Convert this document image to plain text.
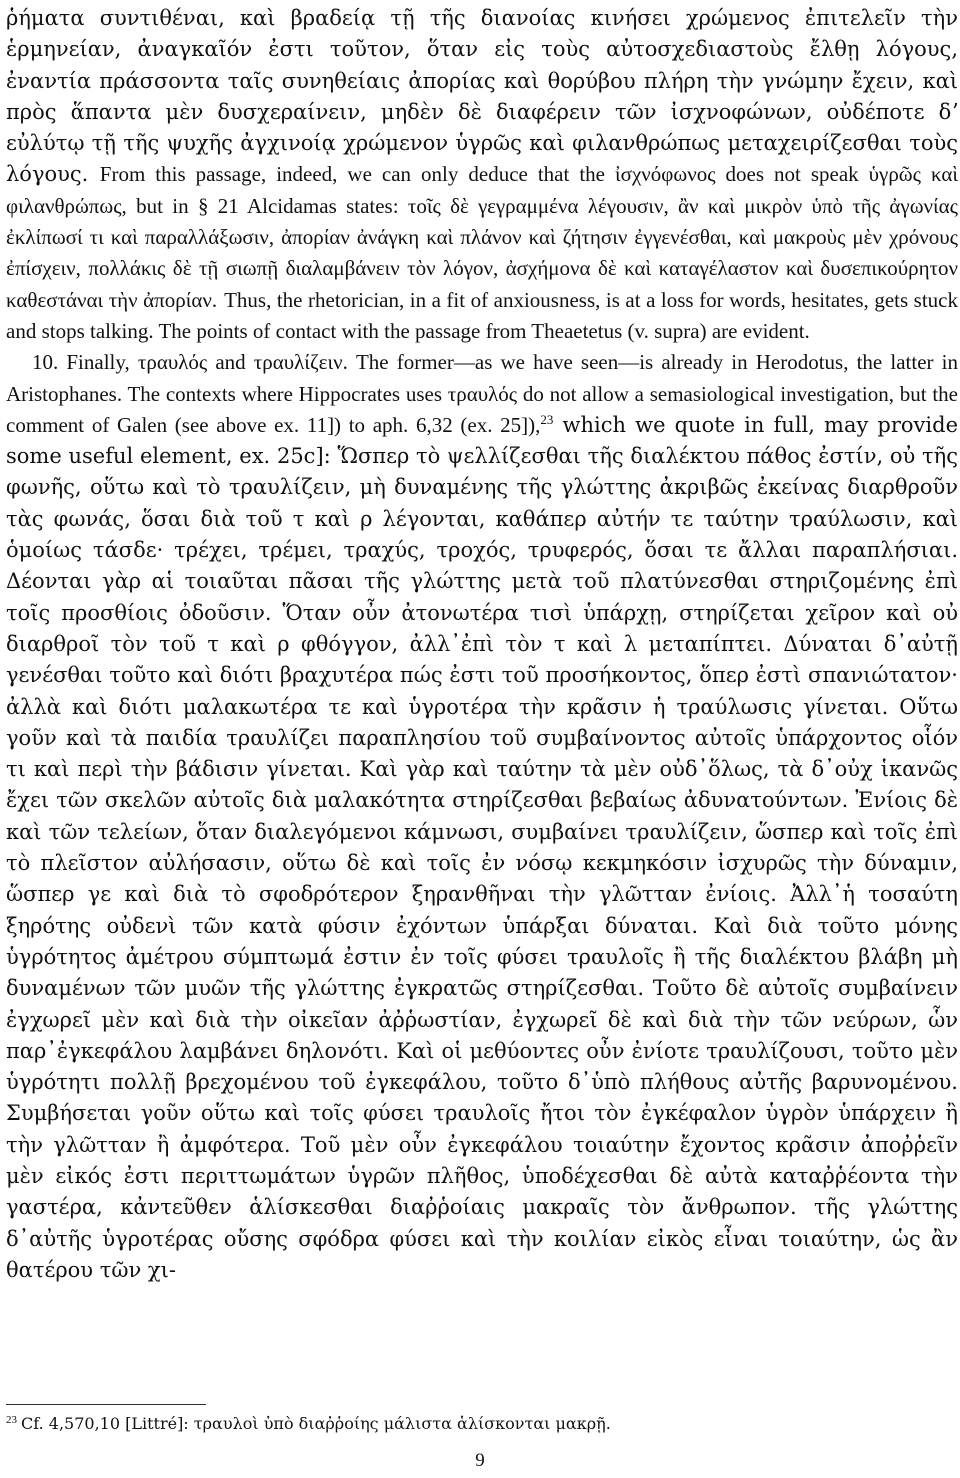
ῥήματα συντιθέναι, καὶ βραδείᾳ τῇ τῆς διανοίας κινήσει χρώμενος ἐπιτελεῖν τὴν ἑρμηνείαν, ἀναγκαῖόν ἐστι τοῦτον, ὅταν εἰς τοὺς αὐτοσχεδιαστοὺς ἔλθῃ λόγους, ἐναντία πράσσοντα ταῖς συνηθείαις ἀπορίας καὶ θορύβου πλήρη τὴν γνώμην ἔχειν, καὶ πρὸς ἅπαντα μὲν δυσχεραίνειν, μηδὲν δὲ διαφέρειν τῶν ἰσχνοφώνων, οὐδέποτε δʼ εὐλύτῳ τῇ τῆς ψυχῆς ἀγχινοίᾳ χρώμενον ὑγρῶς καὶ φιλανθρώπως μεταχειρίζεσθαι τοὺς λόγους. From this passage, indeed, we can only deduce that the ἰσχνόφωνος does not speak ὑγρῶς καὶ φιλανθρώπως, but in § 21 Alcidamas states: τοῖς δὲ γεγραμμένα λέγουσιν, ἂν καὶ μικρὸν ὑπὸ τῆς ἀγωνίας ἐκλίπωσί τι καὶ παραλλάξωσιν, ἀπορίαν ἀνάγκη καὶ πλάνον καὶ ζήτησιν ἐγγενέσθαι, καὶ μακροὺς μὲν χρόνους ἐπίσχειν, πολλάκις δὲ τῇ σιωπῇ διαλαμβάνειν τὸν λόγον, ἀσχήμονα δὲ καὶ καταγέλαστον καὶ δυσεπικούρητον καθεστάναι τὴν ἀπορίαν. Thus, the rhetorician, in a fit of anxiousness, is at a loss for words, hesitates, gets stuck and stops talking. The points of contact with the passage from Theaetetus (v. supra) are evident.

10. Finally, τραυλός and τραυλίζειν. The former—as we have seen—is already in Herodotus, the latter in Aristophanes. The contexts where Hippocrates uses τραυλός do not allow a semasiological investigation, but the comment of Galen (see above ex. 11]) to aph. 6,32 (ex. 25]),$^{23}$ which we quote in full, may provide some useful element, ex. 25c]: Ὥσπερ τὸ ψελλίζεσθαι τῆς διαλέκτου πάθος ἐστίν, οὐ τῆς φωνῆς, οὕτω καὶ τὸ τραυλίζειν, μὴ δυναμένης τῆς γλώττης ἀκριβῶς ἐκείνας διαρθροῦν τὰς φωνάς, ὅσαι διὰ τοῦ τ καὶ ρ λέγονται, καθάπερ αὐτήν τε ταύτην τραύλωσιν, καὶ ὁμοίως τάσδε· τρέχει, τρέμει, τραχύς, τροχός, τρυφερός, ὅσαι τε ἄλλαι παραπλήσιαι. Δέονται γὰρ αἱ τοιαῦται πᾶσαι τῆς γλώττης μετὰ τοῦ πλατύνεσθαι στηριζομένης ἐπὶ τοῖς προσθίοις ὀδοῦσιν. Ὅταν οὖν ἀτονωτέρα τισὶ ὑπάρχῃ, στηρίζεται χεῖρον καὶ οὐ διαρθροῖ τὸν τοῦ τ καὶ ρ φθόγγον, ἀλλ᾽ἐπὶ τὸν τ καὶ λ μεταπίπτει. Δύναται δ᾽αὐτῇ γενέσθαι τοῦτο καὶ διότι βραχυτέρα πώς ἐστι τοῦ προσήκοντος, ὅπερ ἐστὶ σπανιώτατον· ἀλλὰ καὶ διότι μαλακωτέρα τε καὶ ὑγροτέρα τὴν κρᾶσιν ἡ τραύλωσις γίνεται. Οὕτω γοῦν καὶ τὰ παιδία τραυλίζει παραπλησίου τοῦ συμβαίνοντος αὐτοῖς ὑπάρχοντος οἷόν τι καὶ περὶ τὴν βάδισιν γίνεται. Καὶ γὰρ καὶ ταύτην τὰ μὲν οὐδ᾽ὅλως, τὰ δ᾽οὐχ ἱκανῶς ἔχει τῶν σκελῶν αὐτοῖς διὰ μαλακότητα στηρίζεσθαι βεβαίως ἀδυνατούντων. Ἐνίοις δὲ καὶ τῶν τελείων, ὅταν διαλεγόμενοι κάμνωσι, συμβαίνει τραυλίζειν, ὥσπερ καὶ τοῖς ἐπὶ τὸ πλεῖστον αὐλήσασιν, οὕτω δὲ καὶ τοῖς ἐν νόσῳ κεκμηκόσιν ἰσχυρῶς τὴν δύναμιν, ὥσπερ γε καὶ διὰ τὸ σφοδρότερον ξηρανθῆναι τὴν γλῶτταν ἐνίοις. Ἀλλ᾽ἡ τοσαύτη ξηρότης οὐδενὶ τῶν κατὰ φύσιν ἐχόντων ὑπάρξαι δύναται. Καὶ διὰ τοῦτο μόνης ὑγρότητος ἀμέτρου σύμπτωμά ἐστιν ἐν τοῖς φύσει τραυλοῖς ἢ τῆς διαλέκτου βλάβη μὴ δυναμένων τῶν μυῶν τῆς γλώττης ἐγκρατῶς στηρίζεσθαι. Τοῦτο δὲ αὐτοῖς συμβαίνειν ἐγχωρεῖ μὲν καὶ διὰ τὴν οἰκεῖαν ἀῤῥωστίαν, ἐγχωρεῖ δὲ καὶ διὰ τὴν τῶν νεύρων, ὧν παρ᾽ἐγκεφάλου λαμβάνει δηλονότι. Καὶ οἱ μεθύοντες οὖν ἐνίοτε τραυλίζουσι, τοῦτο μὲν ὑγρότητι πολλῇ βρεχομένου τοῦ ἐγκεφάλου, τοῦτο δ᾽ὑπὸ πλήθους αὐτῆς βαρυνομένου. Συμβήσεται γοῦν οὕτω καὶ τοῖς φύσει τραυλοῖς ἤτοι τὸν ἐγκέφαλον ὑγρὸν ὑπάρχειν ἢ τὴν γλῶτταν ἢ ἀμφότερα. Τοῦ μὲν οὖν ἐγκεφάλου τοιαύτην ἔχοντος κρᾶσιν ἀποῤῥεῖν μὲν εἰκός ἐστι περιττωμάτων ὑγρῶν πλῆθος, ὑποδέχεσθαι δὲ αὐτὰ καταῤῥέοντα τὴν γαστέρα, κἀντεῦθεν ἁλίσκεσθαι διαῤῥοίαις μακραῖς τὸν ἄνθρωπον. τῆς γλώττης δ᾽αὐτῆς ὑγροτέρας οὔσης σφόδρα φύσει καὶ τὴν κοιλίαν εἰκὸς εἶναι τοιαύτην, ὡς ἂν θατέρου τῶν χι-

$^{23}$ Cf. 4,570,10 [Littré]: τραυλοὶ ὑπὸ διαῤῥοίης μάλιστα ἁλίσκονται μακρῇ.
9
